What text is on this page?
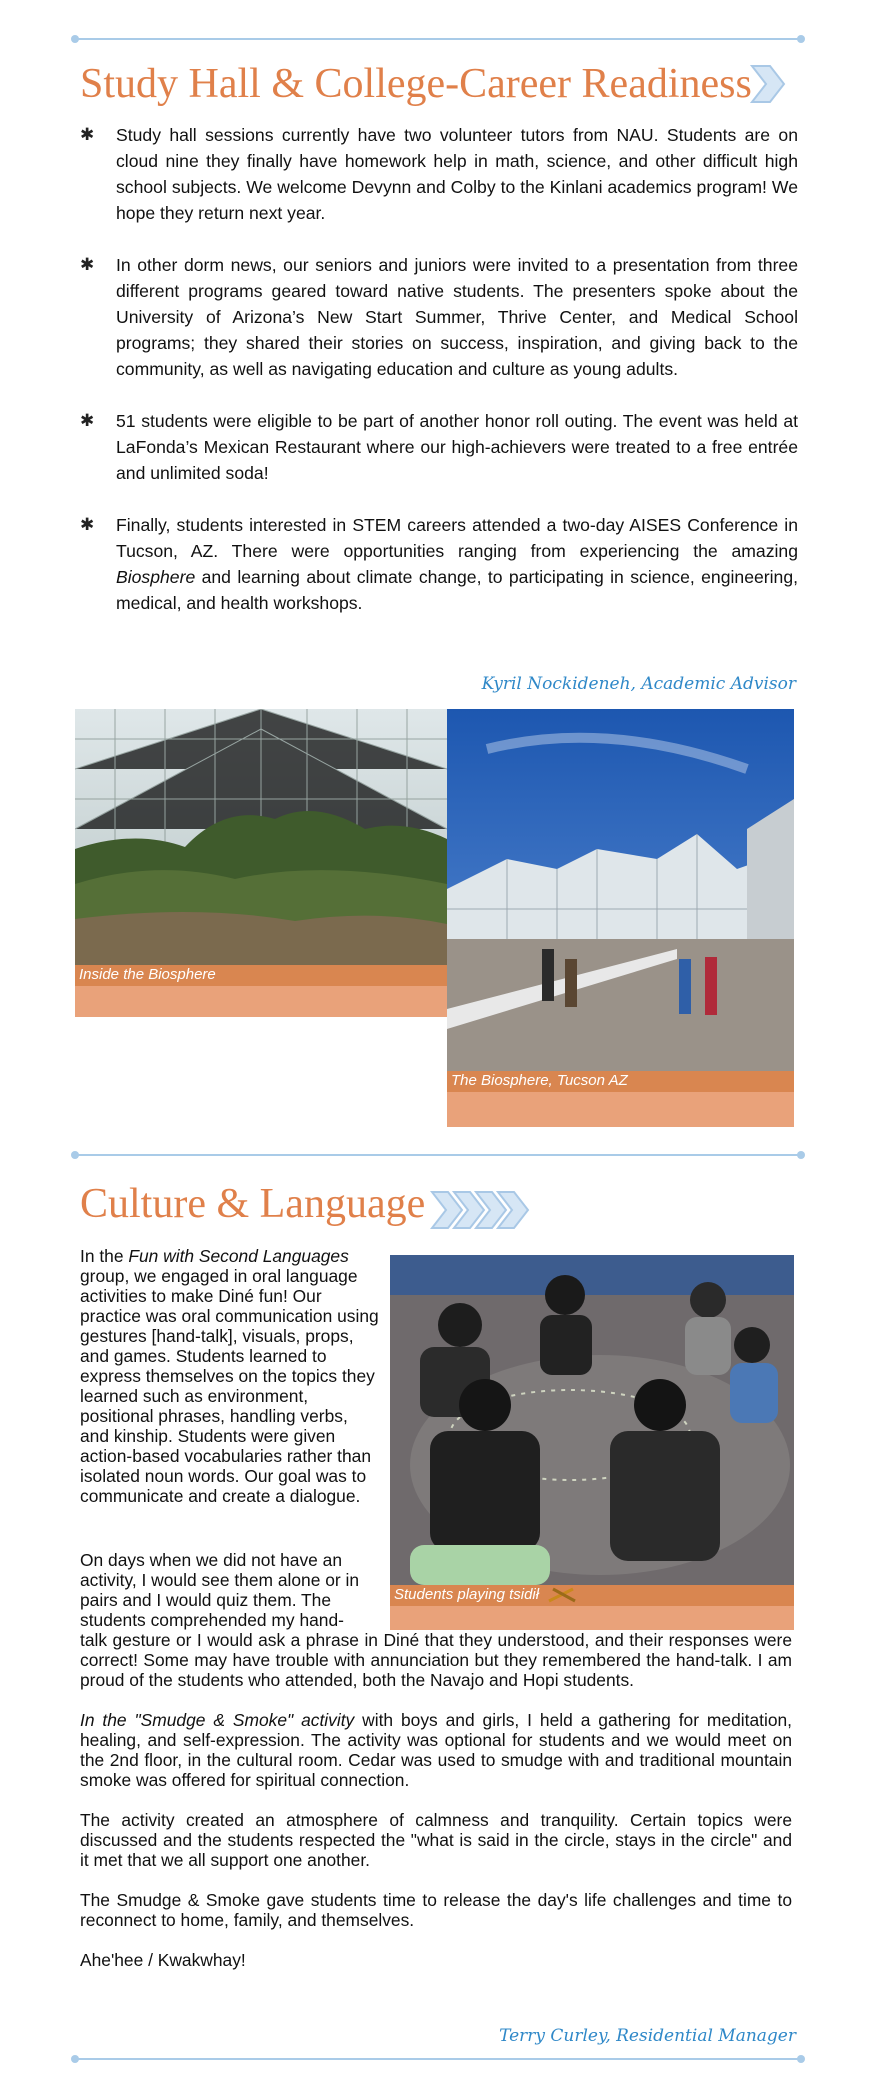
Study Hall & College-Career Readiness
✱ Study hall sessions currently have two volunteer tutors from NAU. Students are on cloud nine they finally have homework help in math, science, and other difficult high school subjects. We welcome Devynn and Colby to the Kinlani academics program! We hope they return next year.
✱ In other dorm news, our seniors and juniors were invited to a presentation from three different programs geared toward native students. The presenters spoke about the University of Arizona’s New Start Summer, Thrive Center, and Medical School programs; they shared their stories on success, inspiration, and giving back to the community, as well as navigating education and culture as young adults.
✱ 51 students were eligible to be part of another honor roll outing. The event was held at LaFonda’s Mexican Restaurant where our high-achievers were treated to a free entrée and unlimited soda!
✱ Finally, students interested in STEM careers attended a two-day AISES Conference in Tucson, AZ. There were opportunities ranging from experiencing the amazing Biosphere and learning about climate change, to participating in science, engineering, medical, and health workshops.
Kyril Nockideneh, Academic Advisor
Inside the Biosphere
The Biosphere, Tucson AZ
Culture & Language
Students playing tsidił

In the Fun with Second Languages group, we engaged in oral language activities to make Diné fun! Our practice was oral communication using gestures [hand-talk], visuals, props, and games. Students learned to express themselves on the topics they learned such as environment, positional phrases, handling verbs, and kinship. Students were given action-based vocabularies rather than isolated noun words. Our goal was to communicate and create a dialogue.

On days when we did not have an activity, I would see them alone or in pairs and I would quiz them. The students comprehended my hand-

talk gesture or I would ask a phrase in Diné that they understood, and their responses were correct! Some may have trouble with annunciation but they remembered the hand-talk. I am proud of the students who attended, both the Navajo and Hopi students.

In the "Smudge & Smoke" activity with boys and girls, I held a gathering for meditation, healing, and self-expression. The activity was optional for students and we would meet on the 2nd floor, in the cultural room. Cedar was used to smudge with and traditional mountain smoke was offered for spiritual connection.

The activity created an atmosphere of calmness and tranquility. Certain topics were discussed and the students respected the "what is said in the circle, stays in the circle" and it met that we all support one another.

The Smudge & Smoke gave students time to release the day's life challenges and time to reconnect to home, family, and themselves.

Ahe'hee / Kwakwhay!

Terry Curley, Residential Manager
